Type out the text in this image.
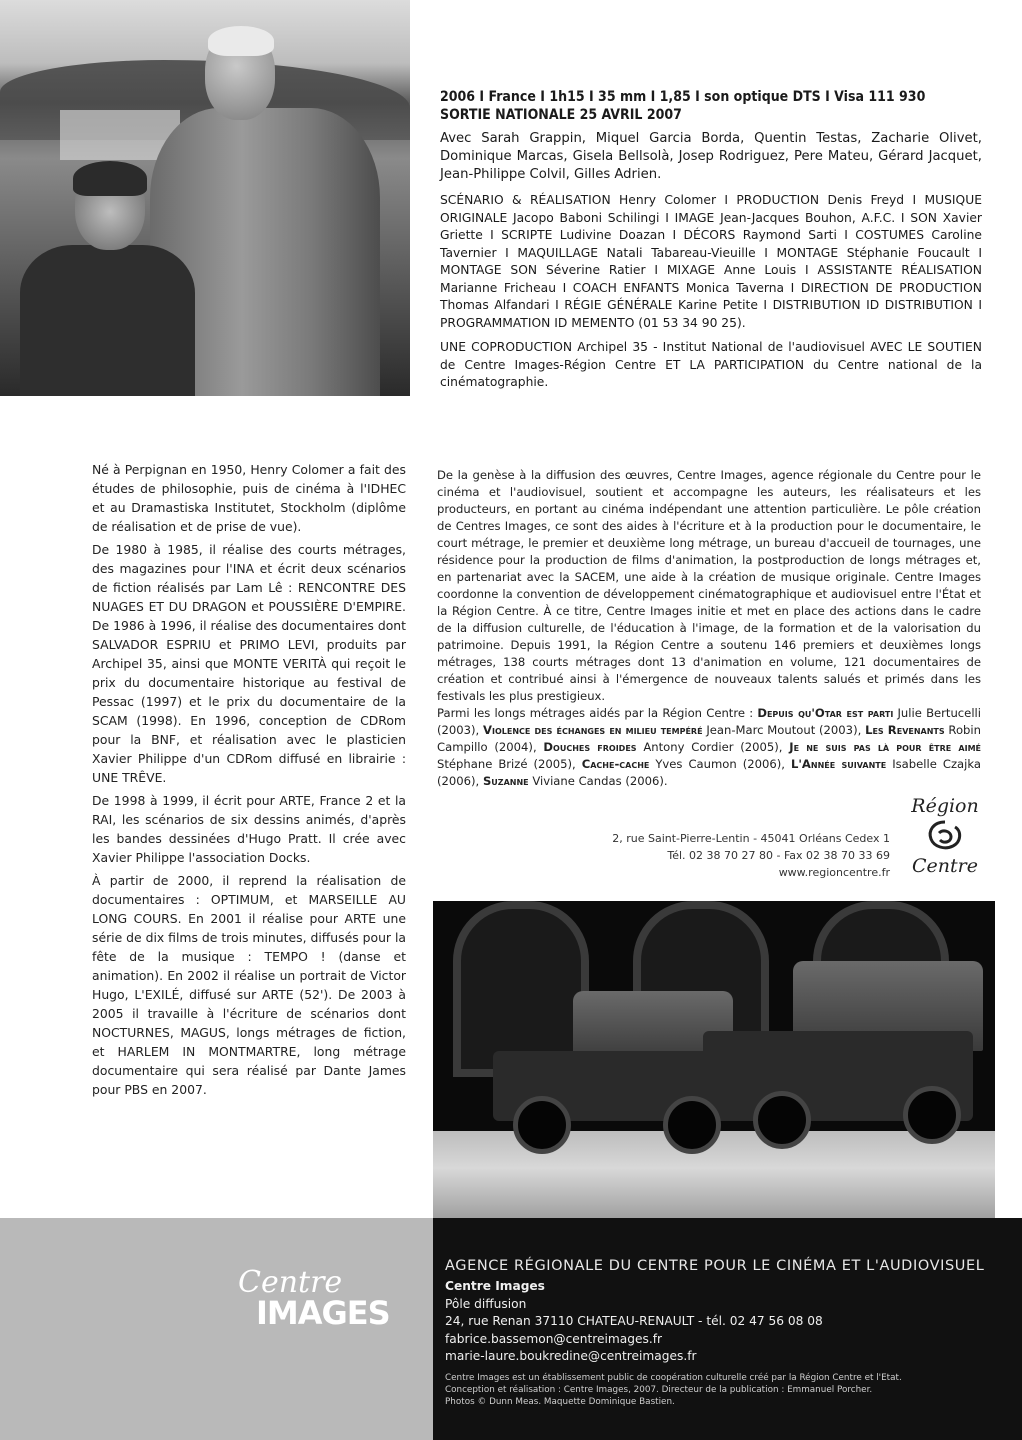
2006 I France I 1h15 I 35 mm I 1,85 I son optique DTS I Visa 111 930

SORTIE NATIONALE 25 AVRIL 2007

Avec Sarah Grappin, Miquel Garcia Borda, Quentin Testas, Zacharie Olivet, Dominique Marcas, Gisela Bellsolà, Josep Rodriguez, Pere Mateu, Gérard Jacquet, Jean-Philippe Colvil, Gilles Adrien.

SCÉNARIO & RÉALISATION Henry Colomer I PRODUCTION Denis Freyd I MUSIQUE ORIGINALE Jacopo Baboni Schilingi I IMAGE Jean-Jacques Bouhon, A.F.C. I SON Xavier Griette I SCRIPTE Ludivine Doazan I DÉCORS Raymond Sarti I COSTUMES Caroline Tavernier I MAQUILLAGE Natali Tabareau-Vieuille I MONTAGE Stéphanie Foucault I MONTAGE SON Séverine Ratier I MIXAGE Anne Louis I ASSISTANTE RÉALISATION Marianne Fricheau I COACH ENFANTS Monica Taverna I DIRECTION DE PRODUCTION Thomas Alfandari I RÉGIE GÉNÉRALE Karine Petite I DISTRIBUTION ID DISTRIBUTION I PROGRAMMATION ID MEMENTO (01 53 34 90 25).

UNE COPRODUCTION Archipel 35 - Institut National de l'audiovisuel AVEC LE SOUTIEN de Centre Images-Région Centre ET LA PARTICIPATION du Centre national de la cinématographie.

Né à Perpignan en 1950, Henry Colomer a fait des études de philosophie, puis de cinéma à l'IDHEC et au Dramastiska Institutet, Stockholm (diplôme de réalisation et de prise de vue).

De 1980 à 1985, il réalise des courts métrages, des magazines pour l'INA et écrit deux scénarios de fiction réalisés par Lam Lê : RENCONTRE DES NUAGES ET DU DRAGON et POUSSIÈRE D'EMPIRE. De 1986 à 1996, il réalise des documentaires dont SALVADOR ESPRIU et PRIMO LEVI, produits par Archipel 35, ainsi que MONTE VERITÀ qui reçoit le prix du documentaire historique au festival de Pessac (1997) et le prix du documentaire de la SCAM (1998). En 1996, conception de CDRom pour la BNF, et réalisation avec le plasticien Xavier Philippe d'un CDRom diffusé en librairie : UNE TRÊVE.

De 1998 à 1999, il écrit pour ARTE, France 2 et la RAI, les scénarios de six dessins animés, d'après les bandes dessinées d'Hugo Pratt. Il crée avec Xavier Philippe l'association Docks.

À partir de 2000, il reprend la réalisation de documentaires : OPTIMUM, et MARSEILLE AU LONG COURS. En 2001 il réalise pour ARTE une série de dix films de trois minutes, diffusés pour la fête de la musique : TEMPO ! (danse et animation). En 2002 il réalise un portrait de Victor Hugo, L'EXILÉ, diffusé sur ARTE (52'). De 2003 à 2005 il travaille à l'écriture de scénarios dont NOCTURNES, MAGUS, longs métrages de fiction, et HARLEM IN MONTMARTRE, long métrage documentaire qui sera réalisé par Dante James pour PBS en 2007.

De la genèse à la diffusion des œuvres, Centre Images, agence régionale du Centre pour le cinéma et l'audiovisuel, soutient et accompagne les auteurs, les réalisateurs et les producteurs, en portant au cinéma indépendant une attention particulière. Le pôle création de Centres Images, ce sont des aides à l'écriture et à la production pour le documentaire, le court métrage, le premier et deuxième long métrage, un bureau d'accueil de tournages, une résidence pour la production de films d'animation, la postproduction de longs métrages et, en partenariat avec la SACEM, une aide à la création de musique originale. Centre Images coordonne la convention de développement cinématographique et audiovisuel entre l'État et la Région Centre. À ce titre, Centre Images initie et met en place des actions dans le cadre de la diffusion culturelle, de l'éducation à l'image, de la formation et de la valorisation du patrimoine. Depuis 1991, la Région Centre a soutenu 146 premiers et deuxièmes longs métrages, 138 courts métrages dont 13 d'animation en volume, 121 documentaires de création et contribué ainsi à l'émergence de nouveaux talents salués et primés dans les festivals les plus prestigieux.

Parmi les longs métrages aidés par la Région Centre : Depuis qu'Otar est parti Julie Bertucelli (2003), Violence des échanges en milieu tempéré Jean-Marc Moutout (2003), Les Revenants Robin Campillo (2004), Douches froides Antony Cordier (2005), Je ne suis pas là pour être aimé Stéphane Brizé (2005), Cache-cache Yves Caumon (2006), L'Année suivante Isabelle Czajka (2006), Suzanne Viviane Candas (2006).

2, rue Saint-Pierre-Lentin - 45041 Orléans Cedex 1
Tél. 02 38 70 27 80 - Fax 02 38 70 33 69
www.regioncentre.fr
Région
Centre
Centre
IMAGES
AGENCE RÉGIONALE DU CENTRE POUR LE CINÉMA ET L'AUDIOVISUEL
Centre Images
Pôle diffusion
24, rue Renan 37110 CHATEAU-RENAULT - tél. 02 47 56 08 08
fabrice.bassemon@centreimages.fr
marie-laure.boukredine@centreimages.fr
Centre Images est un établissement public de coopération culturelle créé par la Région Centre et l'Etat.
Conception et réalisation : Centre Images, 2007. Directeur de la publication : Emmanuel Porcher.
Photos © Dunn Meas. Maquette Dominique Bastien.
